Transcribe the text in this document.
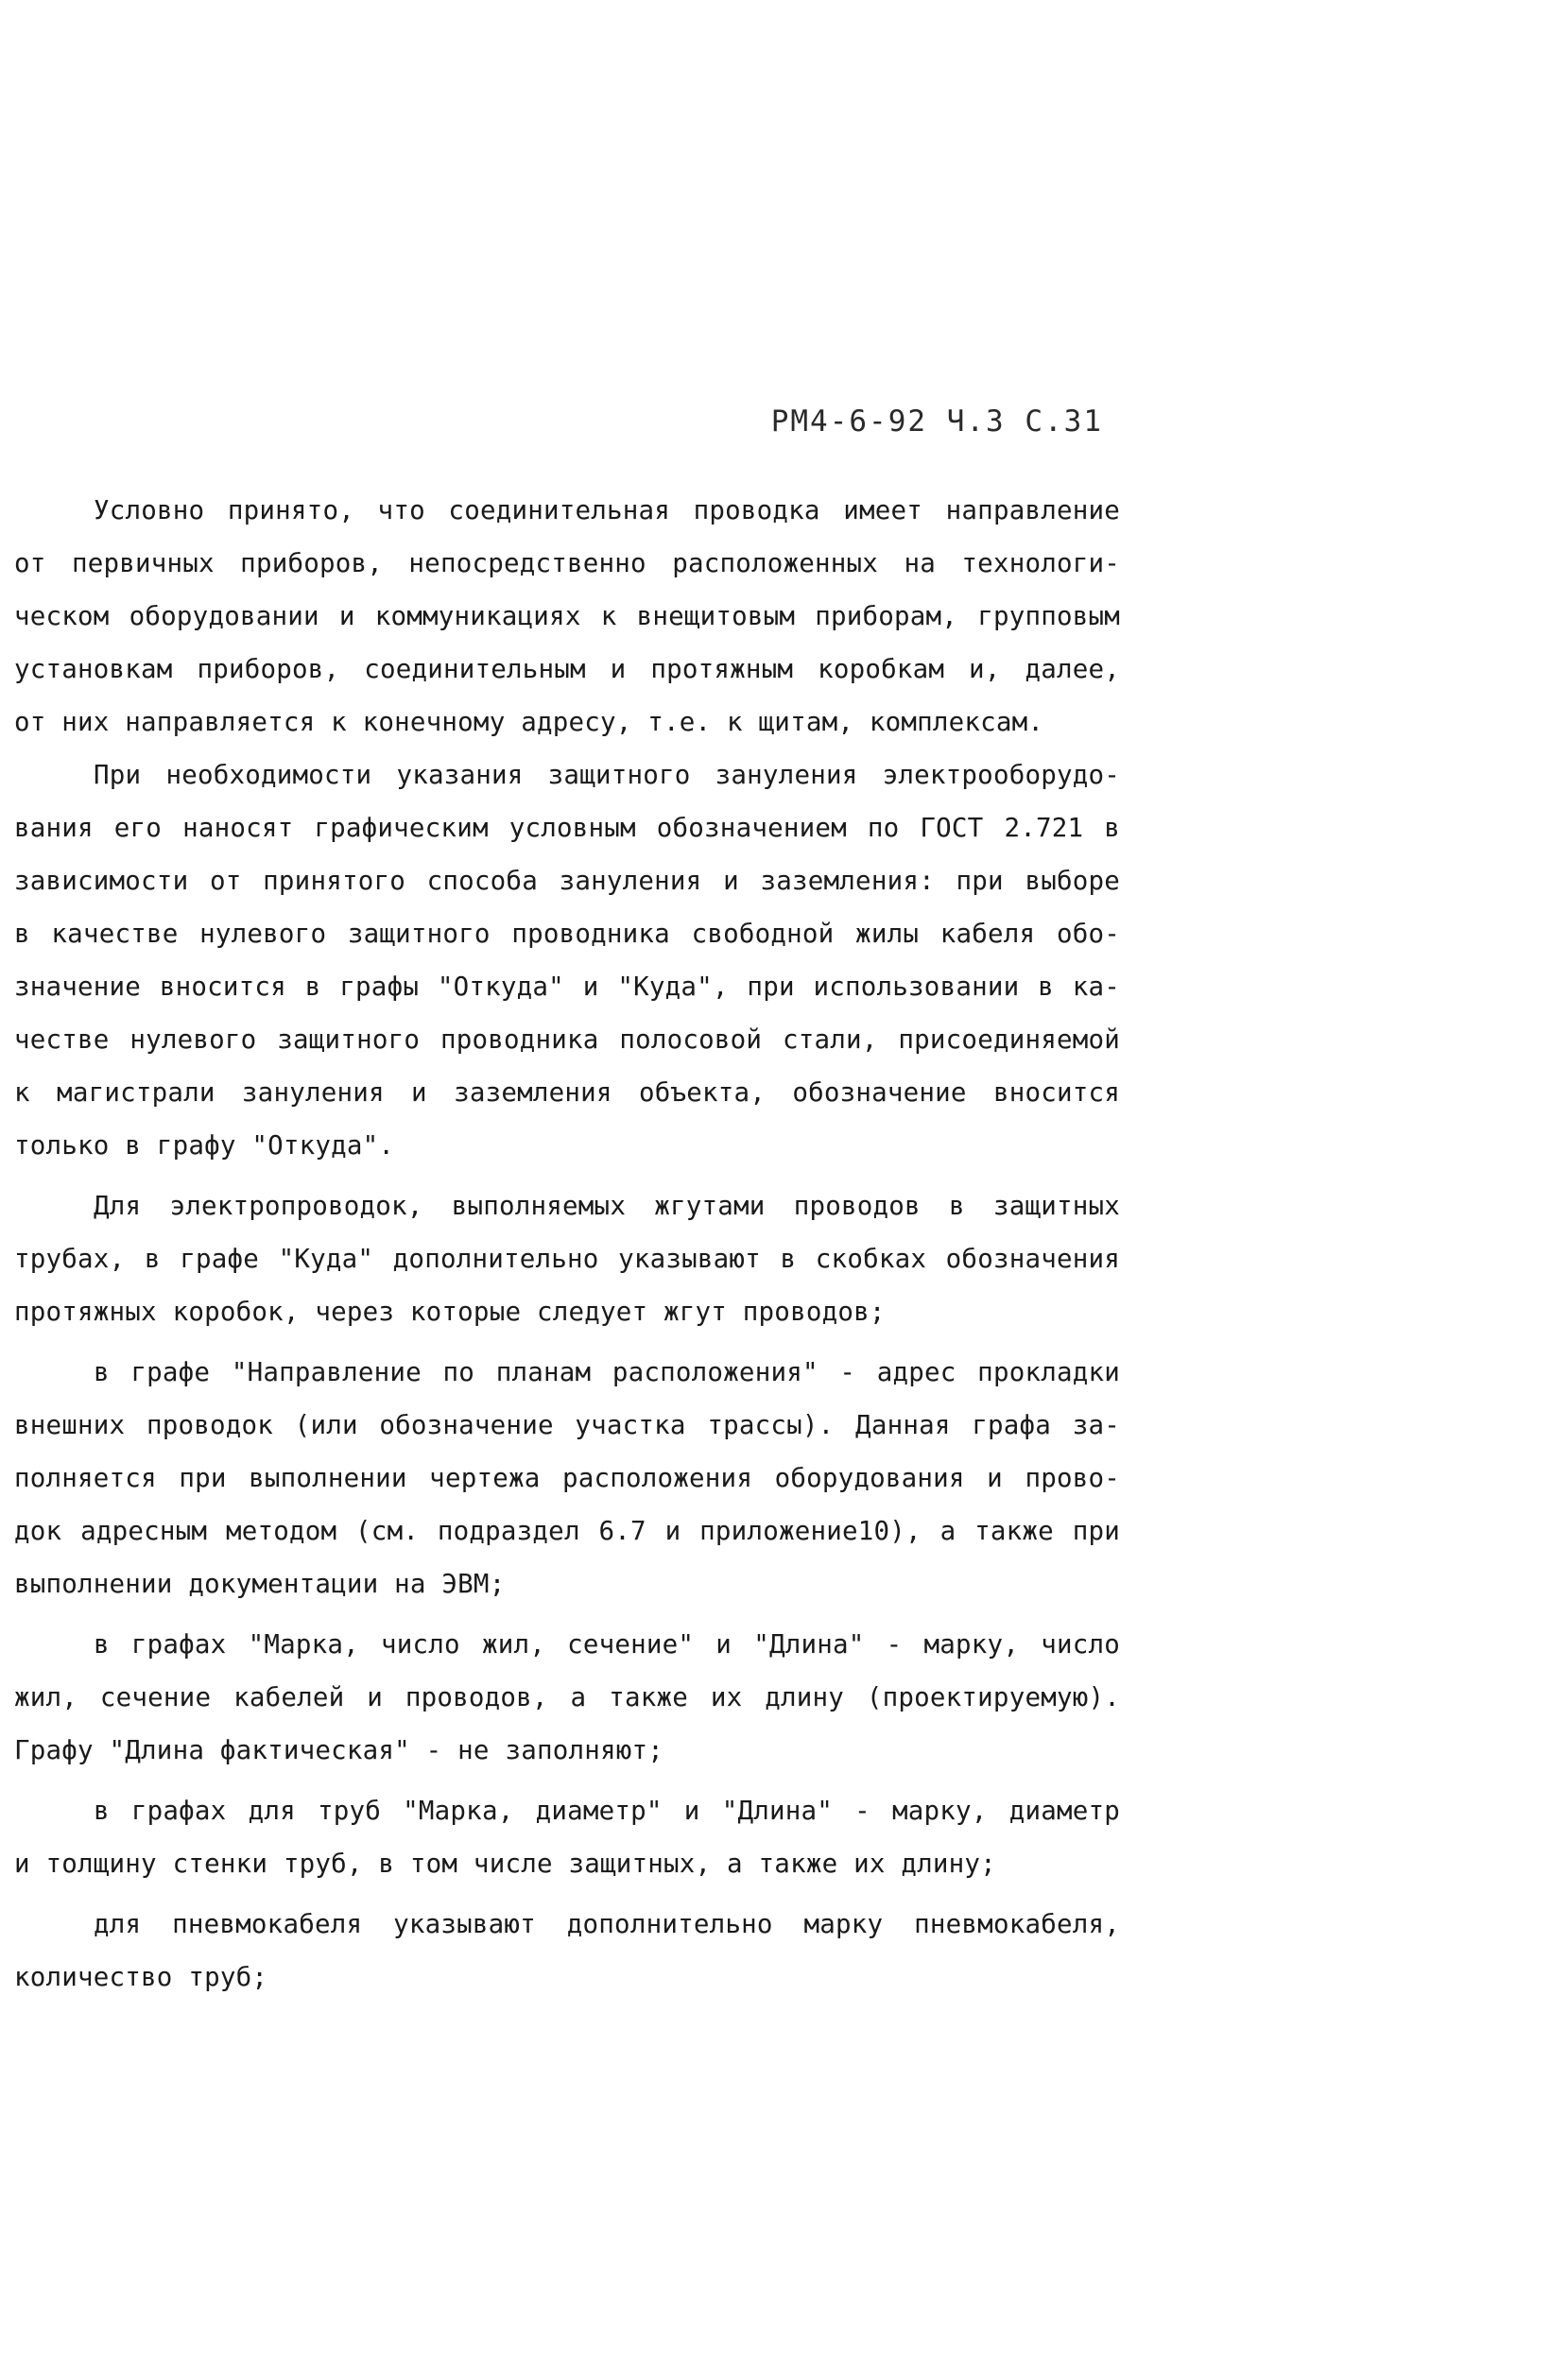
РМ4-6-92 Ч.3 С.31
Условно принято, что соединительная проводка имеет направление
от первичных приборов, непосредственно расположенных на технологи-
ческом оборудовании и коммуникациях к внещитовым приборам, групповым
установкам приборов, соединительным и протяжным коробкам и, далее,
от них направляется к конечному адресу, т.е. к щитам, комплексам.
При необходимости указания защитного зануления электрооборудо-
вания его наносят графическим условным обозначением по ГОСТ 2.721 в
зависимости от принятого способа зануления и заземления: при выборе
в качестве нулевого защитного проводника свободной жилы кабеля обо-
значение вносится в графы "Откуда" и "Куда", при использовании в ка-
честве нулевого защитного проводника полосовой стали, присоединяемой
к магистрали зануления и заземления объекта, обозначение вносится
только в графу "Откуда".
Для электропроводок, выполняемых жгутами проводов в защитных
трубах, в графе "Куда" дополнительно указывают в скобках обозначения
протяжных коробок, через которые следует жгут проводов;
в графе "Направление по планам расположения" - адрес прокладки
внешних проводок (или обозначение участка трассы). Данная графа за-
полняется при выполнении чертежа расположения оборудования и прово-
док адресным методом (см. подраздел 6.7 и приложение10), а также при
выполнении документации на ЭВМ;
в графах "Марка, число жил, сечение" и "Длина" - марку, число
жил, сечение кабелей и проводов, а также их длину (проектируемую).
Графу "Длина фактическая" - не заполняют;
в графах для труб "Марка, диаметр" и "Длина" - марку, диаметр
и толщину стенки труб, в том числе защитных, а также их длину;
для пневмокабеля указывают дополнительно марку пневмокабеля,
количество труб;
